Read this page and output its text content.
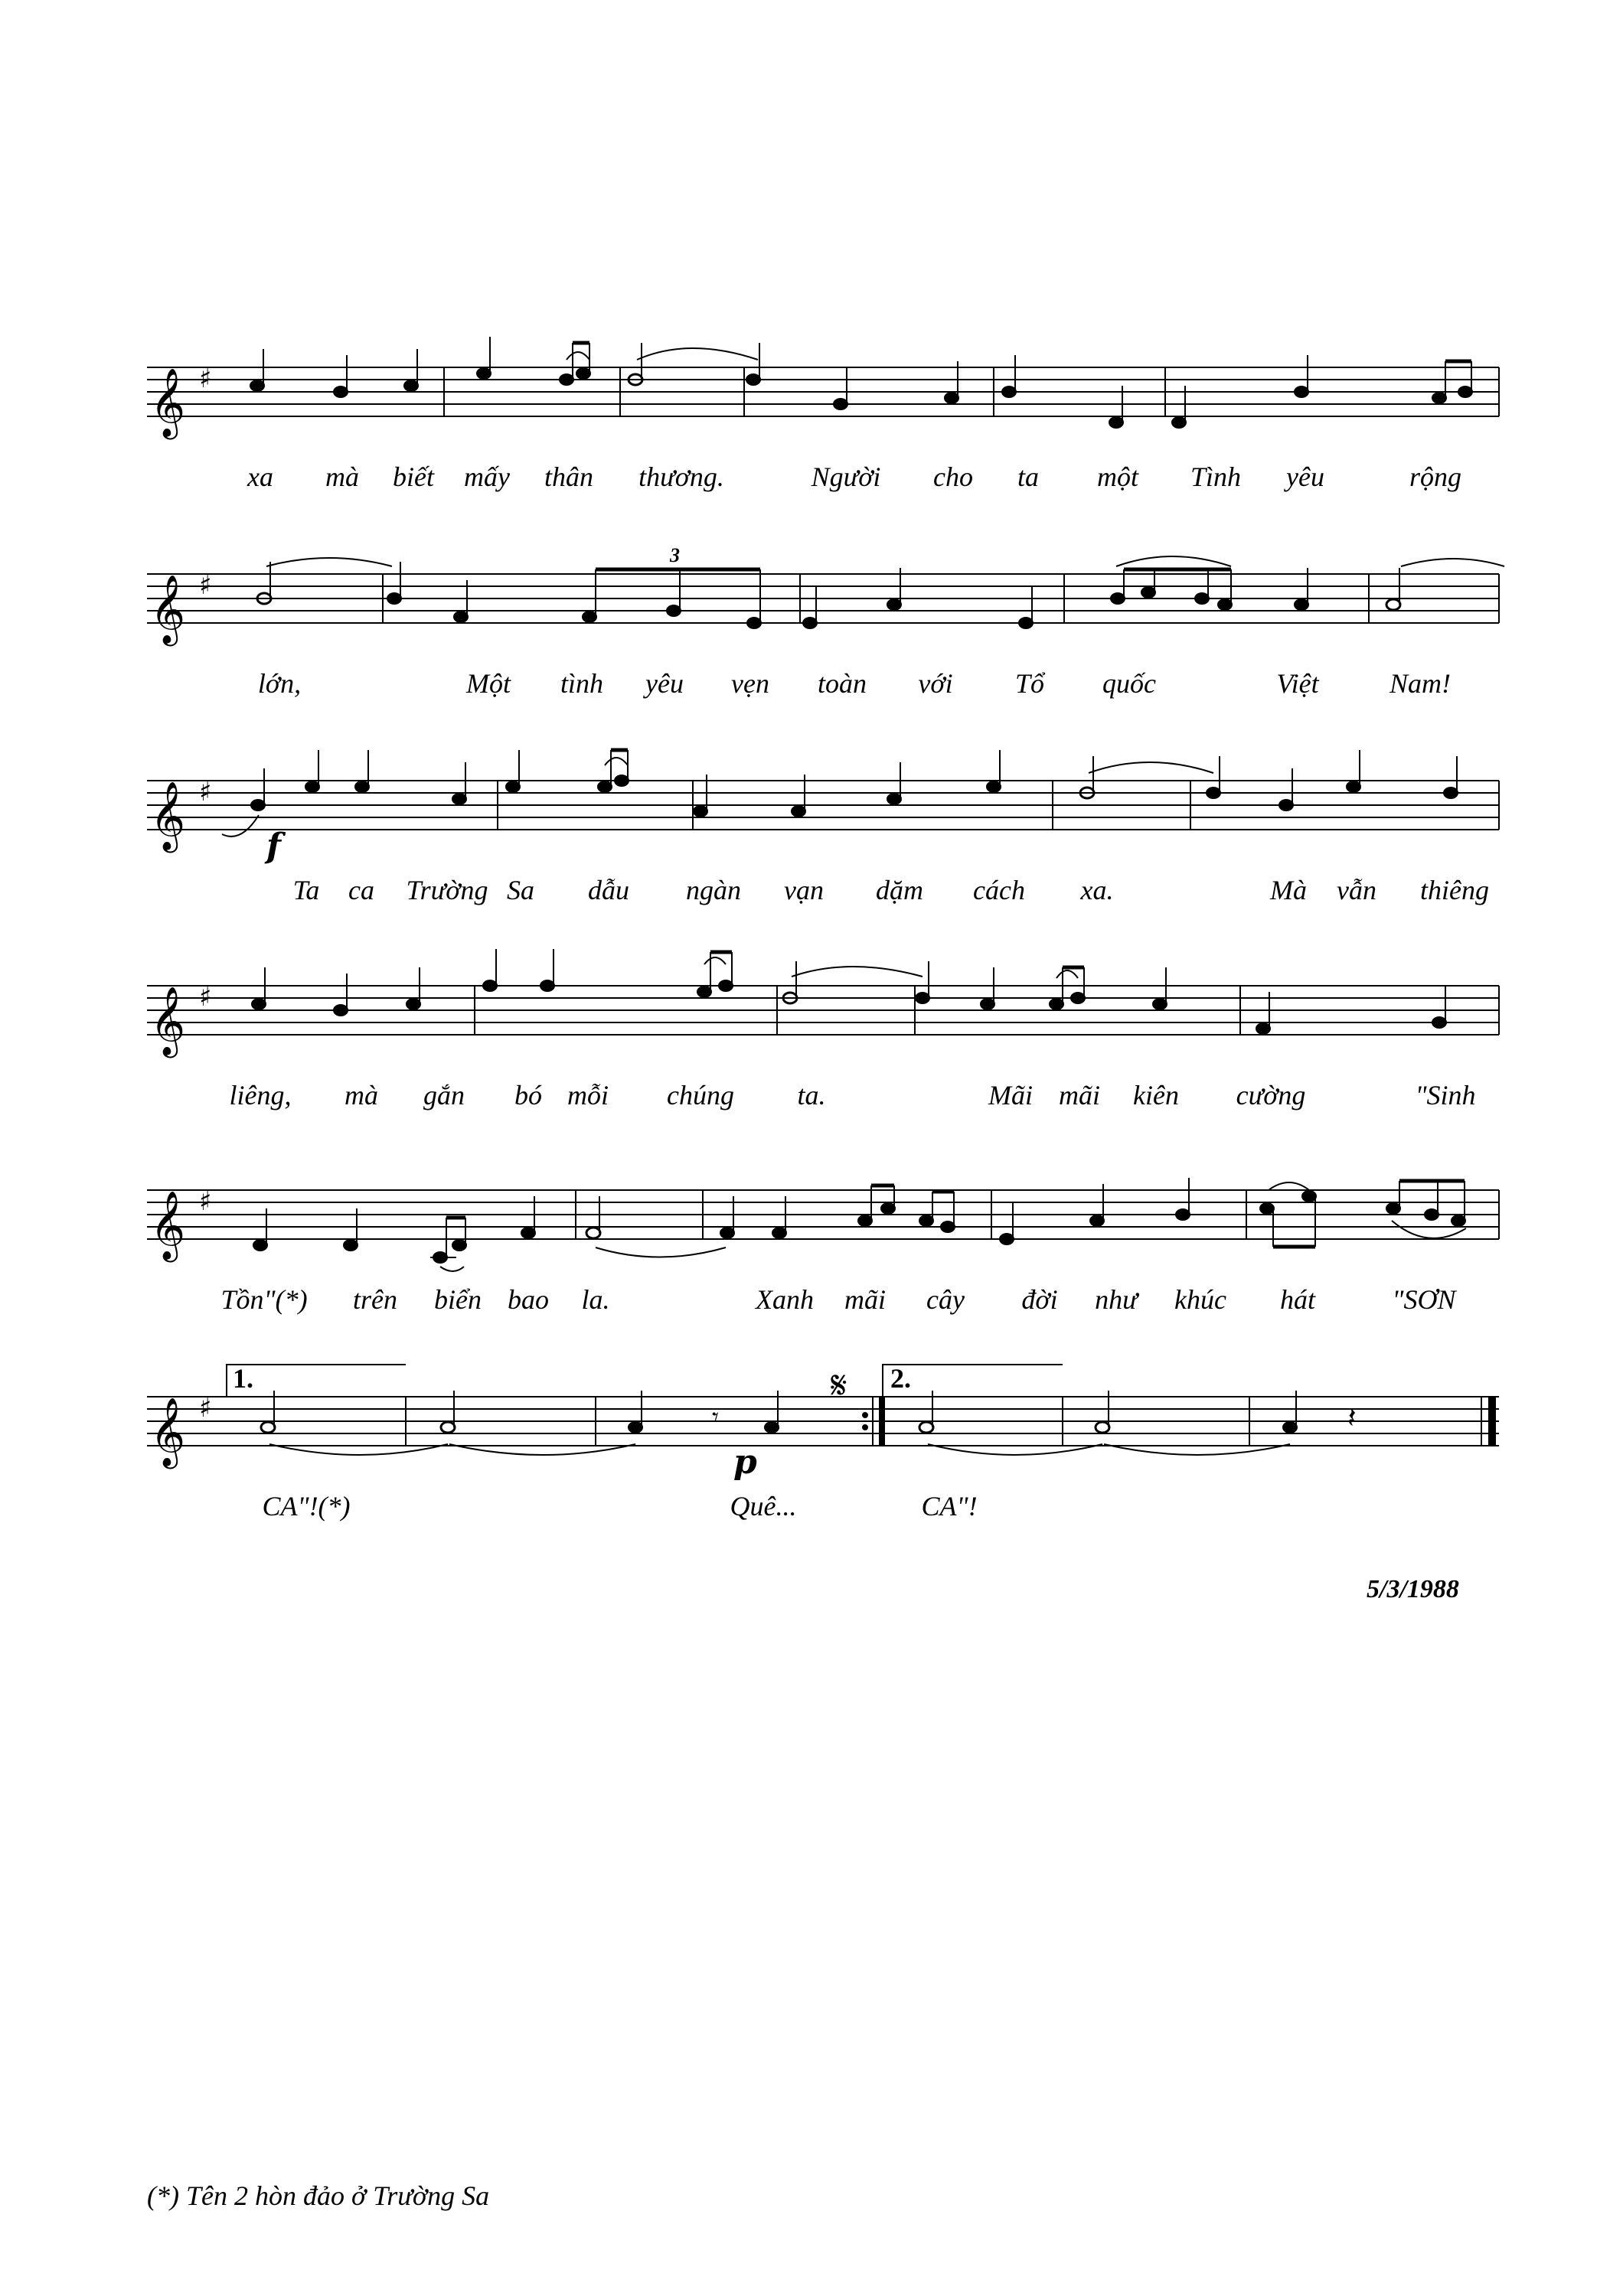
𝄞 ♯
xa mà biết mấy thân thương.	Người cho ta một Tình yêu	rộng
𝄞 ♯
3
lớn,	Một tình yêu vẹn toàn với Tổ quốc	Việt	Nam!
𝄞 ♯
f
Ta ca Trường Sa dẫu ngàn vạn dặm cách xa.	Mà vẫn thiêng
𝄞 ♯
liêng, mà gắn bó mỗi chúng ta.	Mãi mãi kiên cường	"Sinh
𝄞 ♯
Tồn"(*) trên biển bao la.	Xanh mãi cây đời như khúc hát	"SƠN
𝄞 ♯
1.	2.
𝄋
𝄾	𝄽
p
CA"!(*)	Quê...	CA"!
5/3/1988
(*) Tên 2 hòn đảo ở Trường Sa
